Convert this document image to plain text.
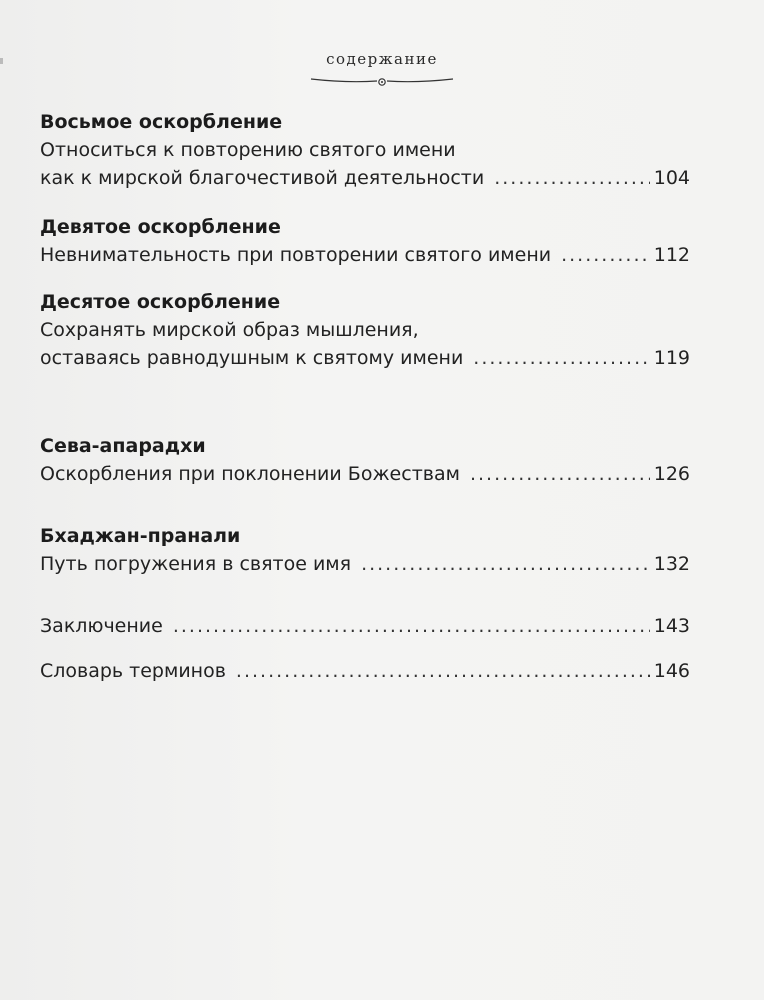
содержание
Восьмое оскорбление
Относиться к повторению святого имени
как к мирской благочестивой деятельности .....	104
Девятое оскорбление
Невнимательность при повторении святого имени .....	112
Десятое оскорбление
Сохранять мирской образ мышления,
оставаясь равнодушным к святому имени .....	119
Сева-апарадхи
Оскорбления при поклонении Божествам .....	126
Бхаджан-пранали
Путь погружения в святое имя .....	132
Заключение .....	143
Словарь терминов .....	146
